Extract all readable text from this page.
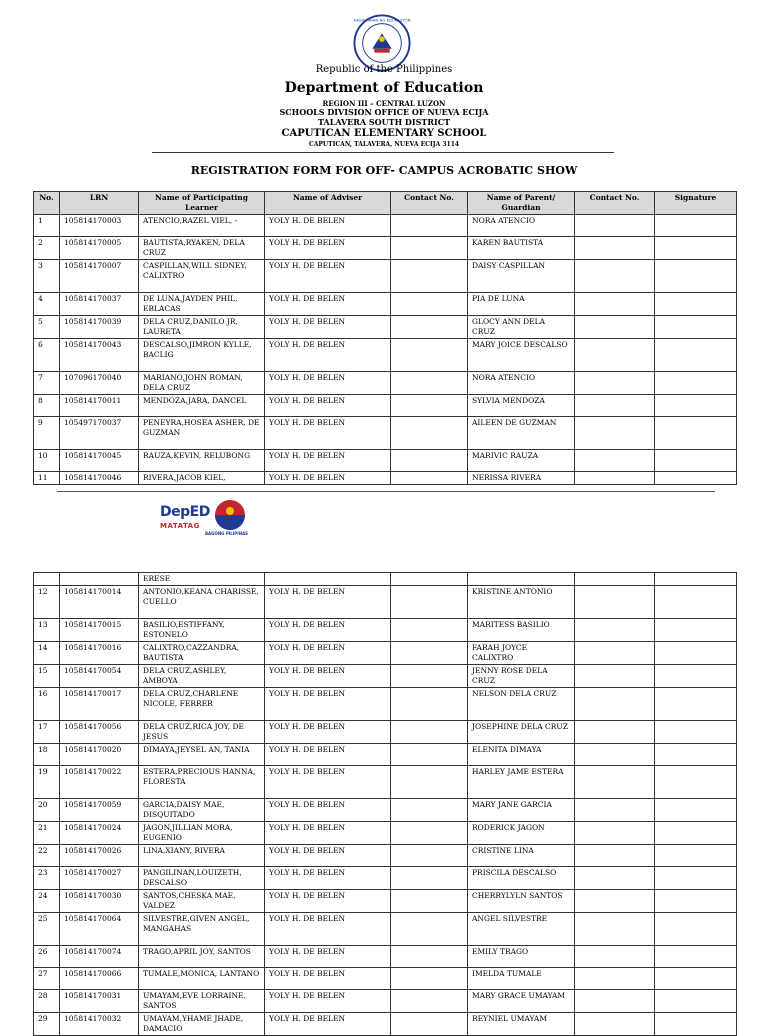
KAGAWARAN NG EDUKASYON
Republic of the Philippines
Department of Education
REGION III – CENTRAL LUZON
SCHOOLS DIVISION OFFICE OF NUEVA ECIJA
TALAVERA SOUTH DISTRICT
CAPUTICAN ELEMENTARY SCHOOL
CAPUTICAN, TALAVERA, NUEVA ECIJA 3114
REGISTRATION FORM FOR OFF- CAMPUS ACROBATIC SHOW
No.	LRN	Name of Participating Learner	Name of Adviser	Contact No.	Name of Parent/ Guardian	Contact No.	Signature
1	105814170003	ATENCIO,RAZEL VIEL, -	YOLY H. DE BELEN		NORA ATENCIO		
2	105814170005	BAUTISTA,RYAKEN, DELA CRUZ	YOLY H. DE BELEN		KAREN BAUTISTA		
3	105814170007	CASPILLAN,WILL SIDNEY, CALIXTRO	YOLY H. DE BELEN		DAISY CASPILLAN		
4	105814170037	DE LUNA,JAYDEN PHIL, EBLACAS	YOLY H. DE BELEN		PIA DE LUNA		
5	105814170039	DELA CRUZ,DANILO JR, LAURETA	YOLY H. DE BELEN		GLOCY ANN DELA CRUZ		
6	105814170043	DESCALSO,JIMRON KYLLE, BACLIG	YOLY H. DE BELEN		MARY JOICE DESCALSO		
7	107096170040	MARIANO,JOHN ROMAN, DELA CRUZ	YOLY H. DE BELEN		NORA ATENCIO		
8	105814170011	MENDOZA,JARA, DANCEL	YOLY H. DE BELEN		SYLVIA MENDOZA		
9	105497170037	PENEYRA,HOSEA ASHER, DE GUZMAN	YOLY H. DE BELEN		AILEEN DE GUZMAN		
10	105814170045	RAUZA,KEVIN, RELUBONG	YOLY H. DE BELEN		MARIVIC RAUZA		
11	105814170046	RIVERA,JACOB KIEL,	YOLY H. DE BELEN		NERISSA RIVERA		
DepED
MATATAG
BAGONG PILIPINAS
		ERESE					
12	105814170014	ANTONIO,KEANA CHARISSE, CUELLO	YOLY H. DE BELEN		KRISTINE ANTONIO		
13	105814170015	BASILIO,ESTIFFANY, ESTONELO	YOLY H. DE BELEN		MARITESS BASILIO		
14	105814170016	CALIXTRO,CAZZANDRA, BAUTISTA	YOLY H. DE BELEN		FARAH JOYCE CALIXTRO		
15	105814170054	DELA CRUZ,ASHLEY, AMBOYA	YOLY H. DE BELEN		JENNY ROSE DELA CRUZ		
16	105814170017	DELA CRUZ,CHARLENE NICOLE, FERRER	YOLY H. DE BELEN		NELSON DELA CRUZ		
17	105814170056	DELA CRUZ,RICA JOY, DE JESUS	YOLY H. DE BELEN		JOSEPHINE DELA CRUZ		
18	105814170020	DIMAYA,JEYSEL AN, TANIA	YOLY H. DE BELEN		ELENITA DIMAYA		
19	105814170022	ESTERA,PRECIOUS HANNA, FLORESTA	YOLY H. DE BELEN		HARLEY JAME ESTERA		
20	105814170059	GARCIA,DAISY MAE, DISQUITADO	YOLY H. DE BELEN		MARY JANE GARCIA		
21	105814170024	JAGON,JILLIAN MORA, EUGENIO	YOLY H. DE BELEN		RODERICK JAGON		
22	105814170026	LINA,XIANY, RIVERA	YOLY H. DE BELEN		CRISTINE LINA		
23	105814170027	PANGILINAN,LOUIZETH, DESCALSO	YOLY H. DE BELEN		PRISCILA DESCALSO		
24	105814170030	SANTOS,CHESKA MAE, VALDEZ	YOLY H. DE BELEN		CHERRYLYLN SANTOS		
25	105814170064	SILVESTRE,GIVEN ANGEL, MANGAHAS	YOLY H. DE BELEN		ANGEL SILVESTRE		
26	105814170074	TRAGO,APRIL JOY, SANTOS	YOLY H. DE BELEN		EMILY TRAGO		
27	105814170066	TUMALE,MONICA, LANTANO	YOLY H. DE BELEN		IMELDA TUMALE		
28	105814170031	UMAYAM,EVE LORRAINE, SANTOS	YOLY H. DE BELEN		MARY GRACE UMAYAM		
29	105814170032	UMAYAM,YHAME JHADE, DAMACIO	YOLY H. DE BELEN		REYNIEL UMAYAM		
